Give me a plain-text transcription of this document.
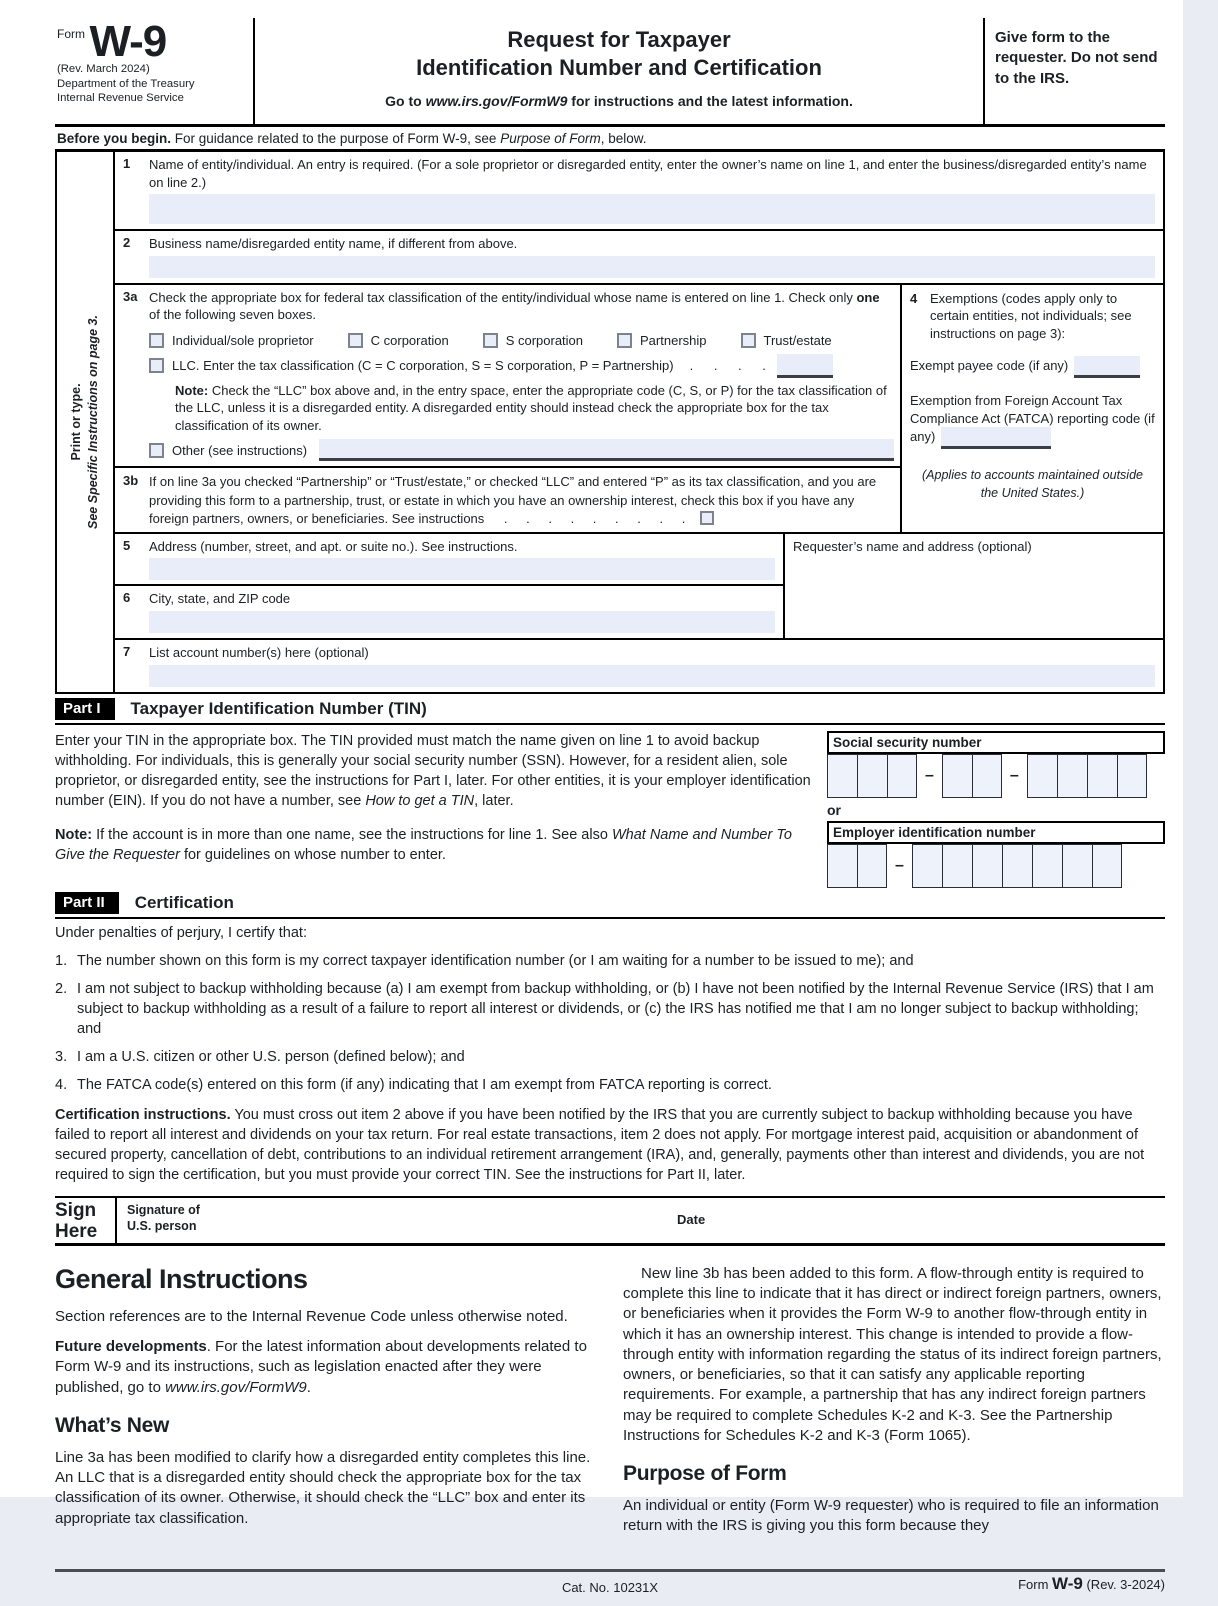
Form W-9
(Rev. March 2024)
Department of the Treasury
Internal Revenue Service
Request for Taxpayer
Identification Number and Certification
Go to www.irs.gov/FormW9 for instructions and the latest information.
Give form to the requester. Do not send to the IRS.
Before you begin. For guidance related to the purpose of Form W-9, see Purpose of Form, below.
Print or type. See Specific Instructions on page 3.
1	Name of entity/individual. An entry is required. (For a sole proprietor or disregarded entity, enter the owner’s name on line 1, and enter the business/disregarded entity’s name on line 2.)
2	Business name/disregarded entity name, if different from above.
3a Check the appropriate box for federal tax classification of the entity/individual whose name is entered on line 1. Check only one of the following seven boxes.
Individual/sole proprietor	C corporation	S corporation	Partnership	Trust/estate
LLC. Enter the tax classification (C = C corporation, S = S corporation, P = Partnership) . . . .
Note: Check the “LLC” box above and, in the entry space, enter the appropriate code (C, S, or P) for the tax classification of the LLC, unless it is a disregarded entity. A disregarded entity should instead check the appropriate box for the tax classification of its owner.
Other (see instructions)
3b If on line 3a you checked “Partnership” or “Trust/estate,” or checked “LLC” and entered “P” as its tax classification, and you are providing this form to a partnership, trust, or estate in which you have an ownership interest, check this box if you have any foreign partners, owners, or beneficiaries. See instructions . . . . . . . . .
4 Exemptions (codes apply only to certain entities, not individuals; see instructions on page 3):
Exempt payee code (if any)
Exemption from Foreign Account Tax Compliance Act (FATCA) reporting code (if any)
(Applies to accounts maintained outside the United States.)
5	Address (number, street, and apt. or suite no.). See instructions.
6	City, state, and ZIP code
Requester’s name and address (optional)
7	List account number(s) here (optional)
Part I	Taxpayer Identification Number (TIN)

Enter your TIN in the appropriate box. The TIN provided must match the name given on line 1 to avoid backup withholding. For individuals, this is generally your social security number (SSN). However, for a resident alien, sole proprietor, or disregarded entity, see the instructions for Part I, later. For other entities, it is your employer identification number (EIN). If you do not have a number, see How to get a TIN, later.

Note: If the account is in more than one name, see the instructions for line 1. See also What Name and Number To Give the Requester for guidelines on whose number to enter.

Social security number
–	–
or
Employer identification number
–
Part II	Certification
Under penalties of perjury, I certify that:
1. The number shown on this form is my correct taxpayer identification number (or I am waiting for a number to be issued to me); and
2. I am not subject to backup withholding because (a) I am exempt from backup withholding, or (b) I have not been notified by the Internal Revenue Service (IRS) that I am subject to backup withholding as a result of a failure to report all interest or dividends, or (c) the IRS has notified me that I am no longer subject to backup withholding; and
3. I am a U.S. citizen or other U.S. person (defined below); and
4. The FATCA code(s) entered on this form (if any) indicating that I am exempt from FATCA reporting is correct.
Certification instructions. You must cross out item 2 above if you have been notified by the IRS that you are currently subject to backup withholding because you have failed to report all interest and dividends on your tax return. For real estate transactions, item 2 does not apply. For mortgage interest paid, acquisition or abandonment of secured property, cancellation of debt, contributions to an individual retirement arrangement (IRA), and, generally, payments other than interest and dividends, you are not required to sign the certification, but you must provide your correct TIN. See the instructions for Part II, later.
Sign
Here
Signature of
U.S. person	Date
General Instructions

Section references are to the Internal Revenue Code unless otherwise noted.

Future developments. For the latest information about developments related to Form W-9 and its instructions, such as legislation enacted after they were published, go to www.irs.gov/FormW9.

What’s New

Line 3a has been modified to clarify how a disregarded entity completes this line. An LLC that is a disregarded entity should check the appropriate box for the tax classification of its owner. Otherwise, it should check the “LLC” box and enter its appropriate tax classification.

New line 3b has been added to this form. A flow-through entity is required to complete this line to indicate that it has direct or indirect foreign partners, owners, or beneficiaries when it provides the Form W-9 to another flow-through entity in which it has an ownership interest. This change is intended to provide a flow-through entity with information regarding the status of its indirect foreign partners, owners, or beneficiaries, so that it can satisfy any applicable reporting requirements. For example, a partnership that has any indirect foreign partners may be required to complete Schedules K-2 and K-3. See the Partnership Instructions for Schedules K-2 and K-3 (Form 1065).

Purpose of Form

An individual or entity (Form W-9 requester) who is required to file an information return with the IRS is giving you this form because they

Cat. No. 10231X	Form W-9 (Rev. 3-2024)
